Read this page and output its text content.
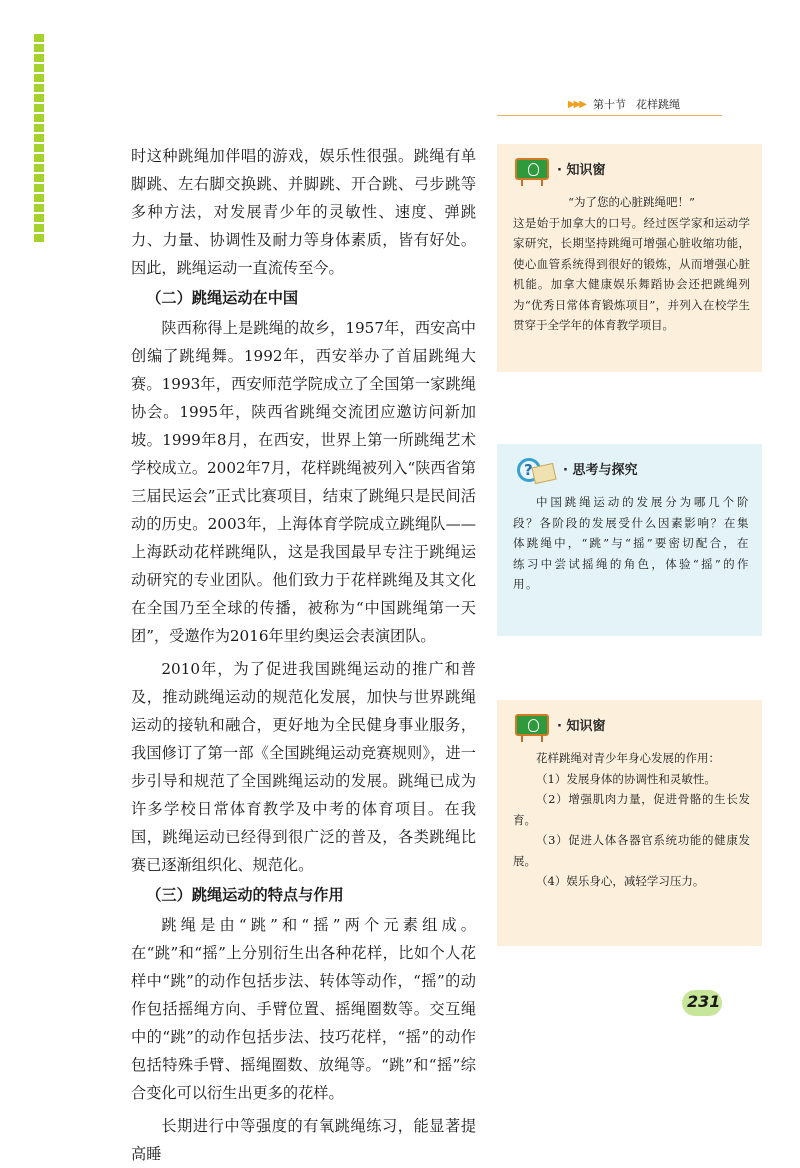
▶▶▶ 第十节 花样跳绳

时这种跳绳加伴唱的游戏，娱乐性很强。跳绳有单脚跳、左右脚交换跳、并脚跳、开合跳、弓步跳等多种方法，对发展青少年的灵敏性、速度、弹跳力、力量、协调性及耐力等身体素质，皆有好处。因此，跳绳运动一直流传至今。

（二）跳绳运动在中国

陕西称得上是跳绳的故乡，1957年，西安高中创编了跳绳舞。1992年，西安举办了首届跳绳大赛。1993年，西安师范学院成立了全国第一家跳绳协会。1995年，陕西省跳绳交流团应邀访问新加坡。1999年8月，在西安，世界上第一所跳绳艺术学校成立。2002年7月，花样跳绳被列入“陕西省第三届民运会”正式比赛项目，结束了跳绳只是民间活动的历史。2003年，上海体育学院成立跳绳队——上海跃动花样跳绳队，这是我国最早专注于跳绳运动研究的专业团队。他们致力于花样跳绳及其文化在全国乃至全球的传播，被称为“中国跳绳第一天团”，受邀作为2016年里约奥运会表演团队。

2010年，为了促进我国跳绳运动的推广和普及，推动跳绳运动的规范化发展，加快与世界跳绳运动的接轨和融合，更好地为全民健身事业服务，我国修订了第一部《全国跳绳运动竞赛规则》，进一步引导和规范了全国跳绳运动的发展。跳绳已成为许多学校日常体育教学及中考的体育项目。在我国，跳绳运动已经得到很广泛的普及，各类跳绳比赛已逐渐组织化、规范化。

（三）跳绳运动的特点与作用

跳绳是由“跳”和“摇”两个元素组成。在“跳”和“摇”上分别衍生出各种花样，比如个人花样中“跳”的动作包括步法、转体等动作，“摇”的动作包括摇绳方向、手臂位置、摇绳圈数等。交互绳中的“跳”的动作包括步法、技巧花样，“摇”的动作包括特殊手臂、摇绳圈数、放绳等。“跳”和“摇”综合变化可以衍生出更多的花样。

长期进行中等强度的有氧跳绳练习，能显著提高睡

· 知识窗

“为了您的心脏跳绳吧！”

这是始于加拿大的口号。经过医学家和运动学家研究，长期坚持跳绳可增强心脏收缩功能，使心血管系统得到很好的锻炼，从而增强心脏机能。加拿大健康娱乐舞蹈协会还把跳绳列为“优秀日常体育锻炼项目”，并列入在校学生贯穿于全学年的体育教学项目。

? · 思考与探究

中国跳绳运动的发展分为哪几个阶段？各阶段的发展受什么因素影响？在集体跳绳中，“跳”与“摇”要密切配合，在练习中尝试摇绳的角色，体验“摇”的作用。

· 知识窗

花样跳绳对青少年身心发展的作用：

（1）发展身体的协调性和灵敏性。

（2）增强肌肉力量，促进骨骼的生长发育。

（3）促进人体各器官系统功能的健康发展。

（4）娱乐身心，减轻学习压力。

231
